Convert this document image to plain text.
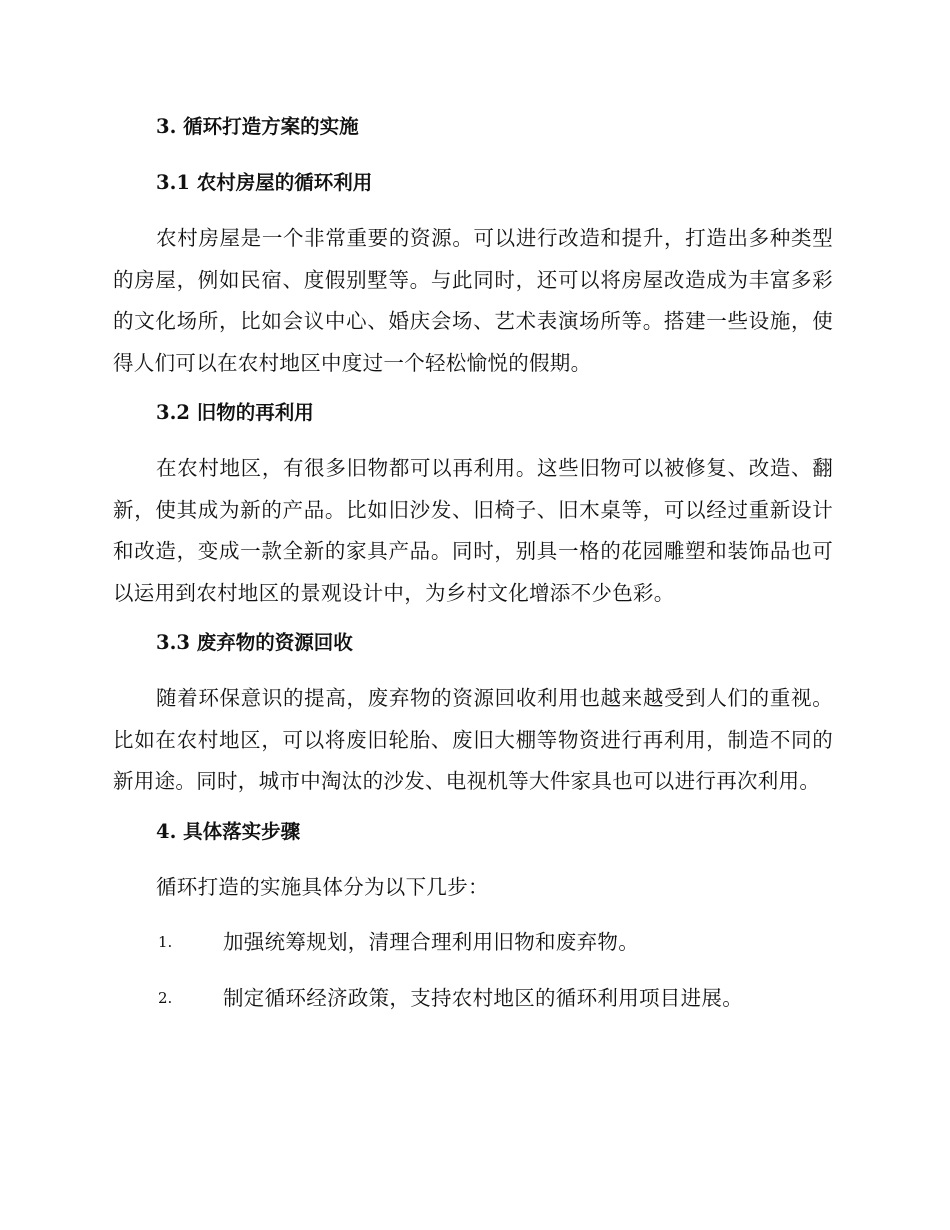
3. 循环打造方案的实施
3.1 农村房屋的循环利用

农村房屋是一个非常重要的资源。可以进行改造和提升，打造出多种类型的房屋，例如民宿、度假别墅等。与此同时，还可以将房屋改造成为丰富多彩的文化场所，比如会议中心、婚庆会场、艺术表演场所等。搭建一些设施，使得人们可以在农村地区中度过一个轻松愉悦的假期。

3.2 旧物的再利用

在农村地区，有很多旧物都可以再利用。这些旧物可以被修复、改造、翻新，使其成为新的产品。比如旧沙发、旧椅子、旧木桌等，可以经过重新设计和改造，变成一款全新的家具产品。同时，别具一格的花园雕塑和装饰品也可以运用到农村地区的景观设计中，为乡村文化增添不少色彩。

3.3 废弃物的资源回收

随着环保意识的提高，废弃物的资源回收利用也越来越受到人们的重视。比如在农村地区，可以将废旧轮胎、废旧大棚等物资进行再利用，制造不同的新用途。同时，城市中淘汰的沙发、电视机等大件家具也可以进行再次利用。

4. 具体落实步骤

循环打造的实施具体分为以下几步：

1.	加强统筹规划，清理合理利用旧物和废弃物。
2.	制定循环经济政策，支持农村地区的循环利用项目进展。
